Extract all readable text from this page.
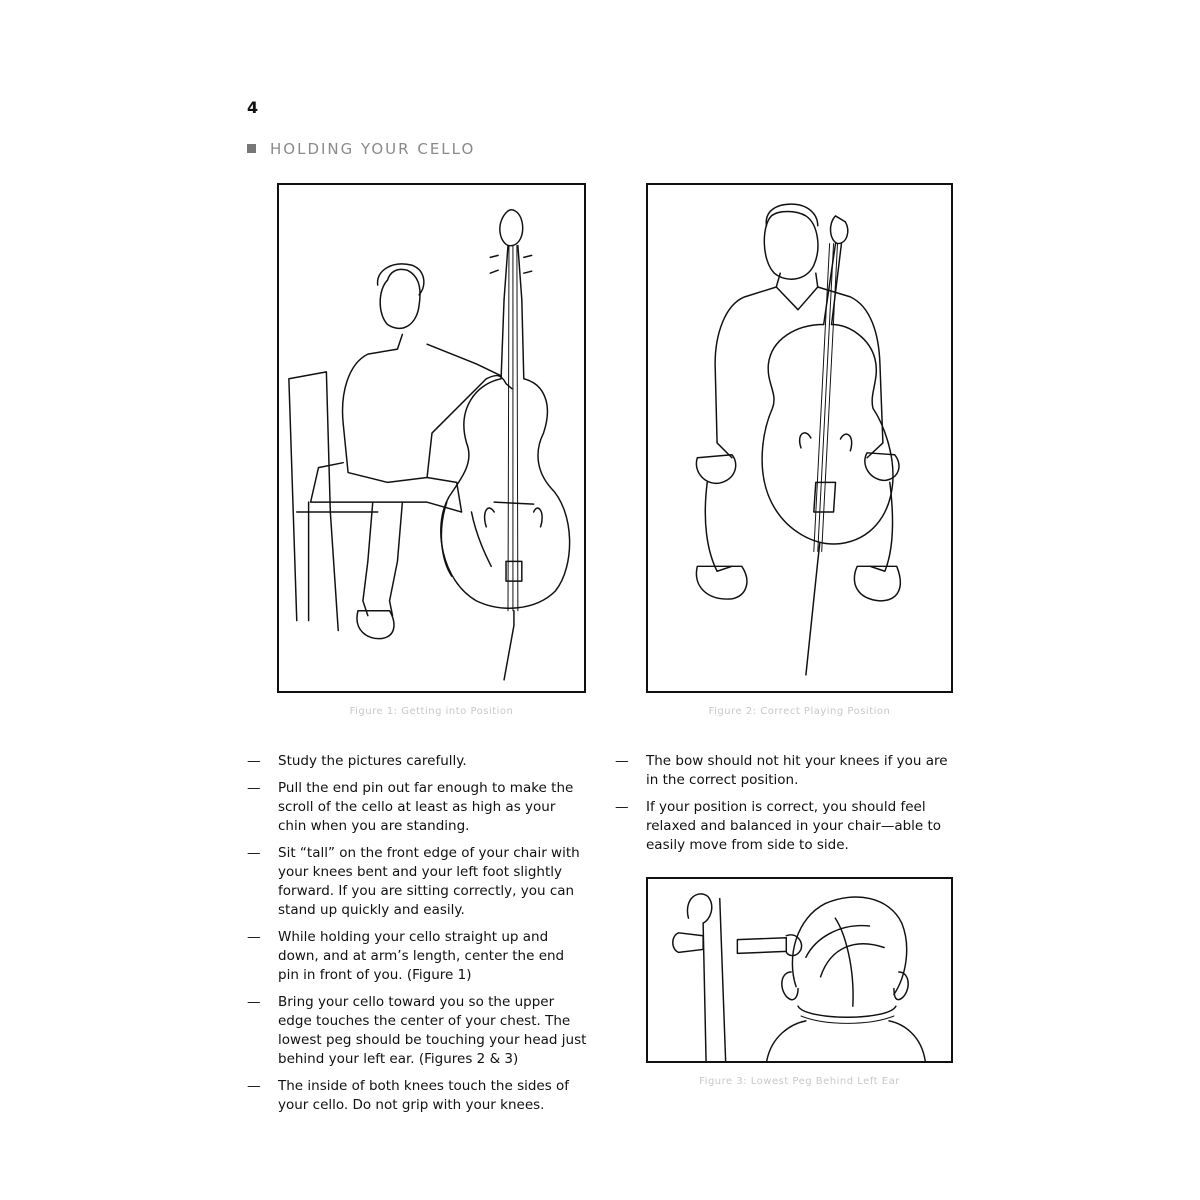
4
HOLDING YOUR CELLO
Figure 1: Getting into Position	Figure 2: Correct Playing Position
— Study the pictures carefully.
— Pull the end pin out far enough to make the scroll of the cello at least as high as your chin when you are standing.
— Sit “tall” on the front edge of your chair with your knees bent and your left foot slightly forward. If you are sitting correctly, you can stand up quickly and easily.
— While holding your cello straight up and down, and at arm’s length, center the end pin in front of you. (Figure 1)
— Bring your cello toward you so the upper edge touches the center of your chest. The lowest peg should be touching your head just behind your left ear. (Figures 2 & 3)
— The inside of both knees touch the sides of your cello. Do not grip with your knees.
— The bow should not hit your knees if you are in the correct position.
— If your position is correct, you should feel relaxed and balanced in your chair—able to easily move from side to side.
Figure 3: Lowest Peg Behind Left Ear
